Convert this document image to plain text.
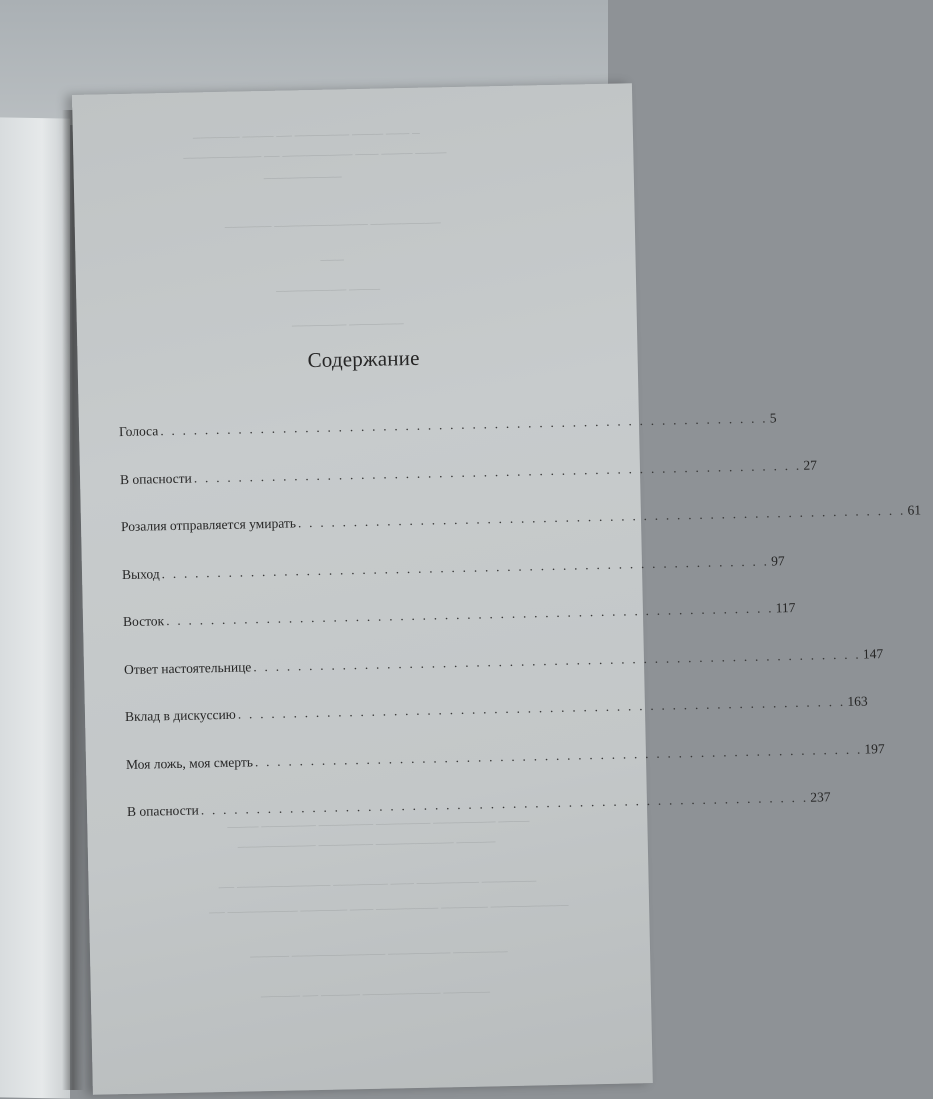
─ ─── ──── ─────── ── ──── ──────
──── ──── ─── ───────── ── ──────────
──────────
───────── ──────────── ──────
───
──── ─────────
─────── ───────
Содержание
Голоса . . . . . . . . . . . . . . . . . . . . . . . . . . . . . . . . . . . . . . . . . . . . . . . . . . . . . . . 5
В опасности . . . . . . . . . . . . . . . . . . . . . . . . . . . . . . . . . . . . . . . . . . . . . . . . . . . . . . . 27
Розалия отправляется умирать . . . . . . . . . . . . . . . . . . . . . . . . . . . . . . . . . . . . . . . . . . . . . . . . . . . . . . . 61
Выход . . . . . . . . . . . . . . . . . . . . . . . . . . . . . . . . . . . . . . . . . . . . . . . . . . . . . . . 97
Восток . . . . . . . . . . . . . . . . . . . . . . . . . . . . . . . . . . . . . . . . . . . . . . . . . . . . . . . 117
Ответ настоятельнице . . . . . . . . . . . . . . . . . . . . . . . . . . . . . . . . . . . . . . . . . . . . . . . . . . . . . . . 147
Вклад в дискуссию . . . . . . . . . . . . . . . . . . . . . . . . . . . . . . . . . . . . . . . . . . . . . . . . . . . . . . . 163
Моя ложь, моя смерть . . . . . . . . . . . . . . . . . . . . . . . . . . . . . . . . . . . . . . . . . . . . . . . . . . . . . . . 197
В опасности . . . . . . . . . . . . . . . . . . . . . . . . . . . . . . . . . . . . . . . . . . . . . . . . . . . . . . . 237
──── ──────── ─────── ─────── ─────── ────
───── ────────── ─────── ──────────
─────── ──────── ─── ─────── ──────────── ──
────────── ────── ──────── ─── ────── ───────── ──
─────── ──────── ──────────── ─────
────── ────────── ───── ── ─────
